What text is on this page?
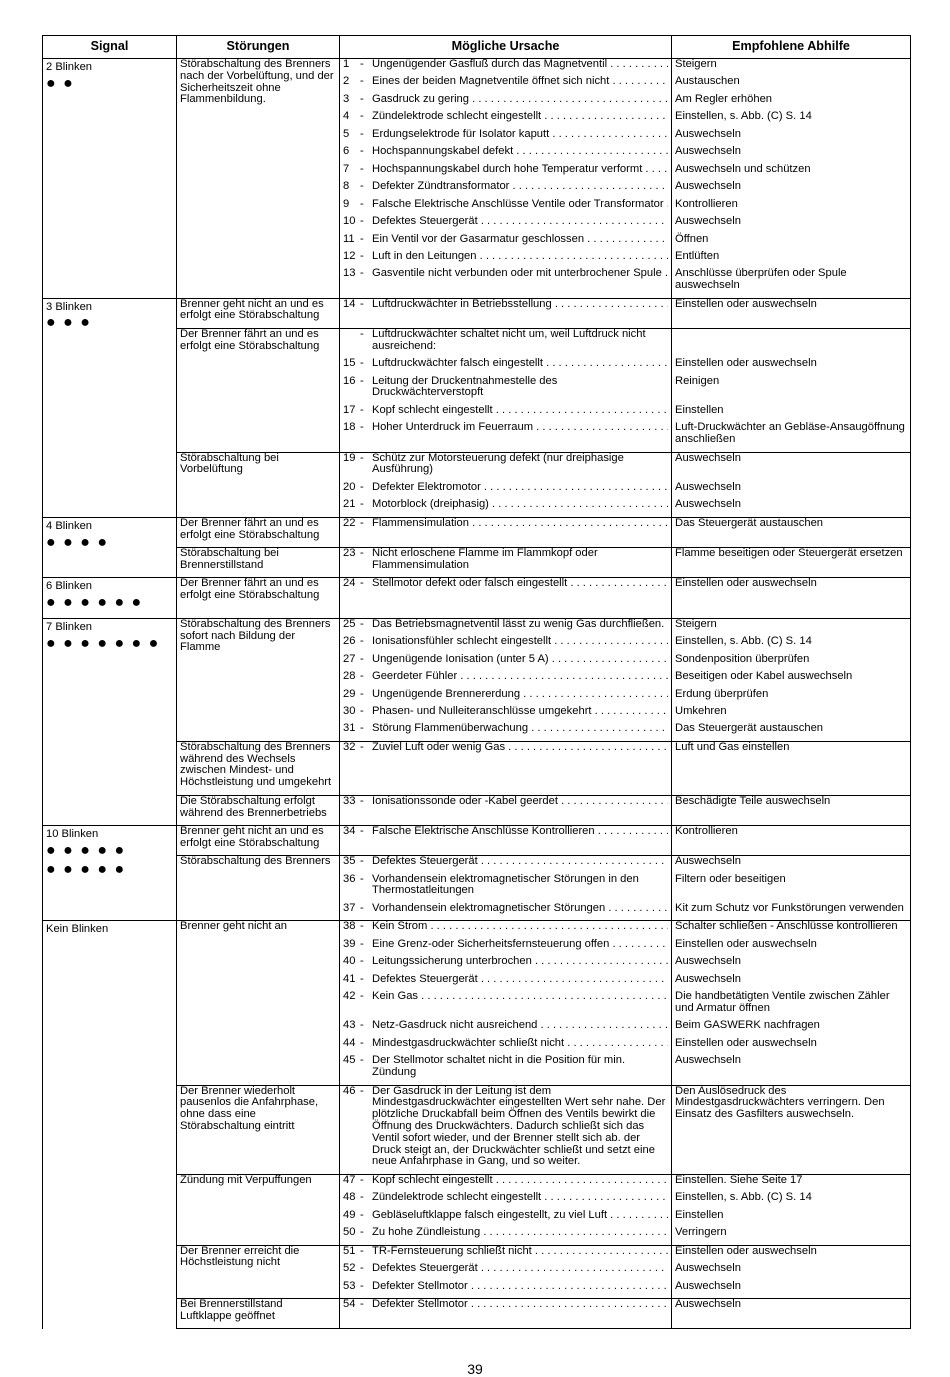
Signal	Störungen	Mögliche Ursache	Empfohlene Abhilfe

2 Blinken
● ●	Störabschaltung des Brenners nach der Vorbelüftung, und der Sicherheitszeit ohne Flammenbildung.	1 - Ungenügender Gasfluß durch das Magnetventil . . .	Steigern

		2 - Eines der beiden Magnetventile öffnet sich nicht . . .	Austauschen

		3 - Gasdruck zu gering . . .	Am Regler erhöhen

		4 - Zündelektrode schlecht eingestellt . . .	Einstellen, s. Abb. (C) S. 14

		5 - Erdungselektrode für Isolator kaputt . . .	Auswechseln

		6 - Hochspannungskabel defekt . . .	Auswechseln

		7 - Hochspannungskabel durch hohe Temperatur verformt . . .	Auswechseln und schützen

		8 - Defekter Zündtransformator . . .	Auswechseln

		9 - Falsche Elektrische Anschlüsse Ventile oder Transformator . . .	Kontrollieren

		10 - Defektes Steuergerät . . .	Auswechseln

		11 - Ein Ventil vor der Gasarmatur geschlossen . . .	Öffnen

		12 - Luft in den Leitungen . . .	Entlüften

		13 - Gasventile nicht verbunden oder mit unterbrochener Spule . . .	Anschlüsse überprüfen oder Spule auswechseln

3 Blinken
● ● ●	Brenner geht nicht an und es erfolgt eine Störabschaltung	14 - Luftdruckwächter in Betriebsstellung . . .	Einstellen oder auswechseln
	Der Brenner fährt an und es erfolgt eine Störabschaltung	- Luftdruckwächter schaltet nicht um, weil Luftdruck nicht ausreichend:	

		15 - Luftdruckwächter falsch eingestellt . . .	Einstellen oder auswechseln

		16 - Leitung der Druckentnahmestelle des Druckwächterverstopft	Reinigen

		17 - Kopf schlecht eingestellt . . .	Einstellen

		18 - Hoher Unterdruck im Feuerraum . . .	Luft-Druckwächter an Gebläse-Ansaugöffnung anschließen
	Störabschaltung bei Vorbelüftung	19 - Schütz zur Motorsteuerung defekt (nur dreiphasige Ausführung)	Auswechseln

		20 - Defekter Elektromotor . . .	Auswechseln

		21 - Motorblock (dreiphasig) . . .	Auswechseln

4 Blinken
● ● ● ●	Der Brenner fährt an und es erfolgt eine Störabschaltung	22 - Flammensimulation . . .	Das Steuergerät austauschen
	Störabschaltung bei Brennerstillstand	23 - Nicht erloschene Flamme im Flammkopf oder Flammensimulation	Flamme beseitigen oder Steuergerät ersetzen

6 Blinken
● ● ● ● ● ●	Der Brenner fährt an und es erfolgt eine Störabschaltung	24 - Stellmotor defekt oder falsch eingestellt . . .	Einstellen oder auswechseln

7 Blinken
● ● ● ● ● ● ●	Störabschaltung des Brenners sofort nach Bildung der Flamme	25 - Das Betriebsmagnetventil lässt zu wenig Gas durchfließen. . . .	Steigern

		26 - Ionisationsfühler schlecht eingestellt . . .	Einstellen, s. Abb. (C) S. 14

		27 - Ungenügende Ionisation (unter 5 A) . . .	Sondenposition überprüfen

		28 - Geerdeter Fühler . . .	Beseitigen oder Kabel auswechseln

		29 - Ungenügende Brennererdung . . .	Erdung überprüfen

		30 - Phasen- und Nulleiteranschlüsse umgekehrt . . .	Umkehren

		31 - Störung Flammenüberwachung . . .	Das Steuergerät austauschen
	Störabschaltung des Brenners während des Wechsels zwischen Mindest- und Höchstleistung und umgekehrt	32 - Zuviel Luft oder wenig Gas . . .	Luft und Gas einstellen
	Die Störabschaltung erfolgt während des Brennerbetriebs	33 - Ionisationssonde oder -Kabel geerdet . . .	Beschädigte Teile auswechseln

10 Blinken
● ● ● ● ●
● ● ● ● ●	Brenner geht nicht an und es erfolgt eine Störabschaltung	34 - Falsche Elektrische Anschlüsse Kontrollieren . . .	Kontrollieren
	Störabschaltung des Brenners	35 - Defektes Steuergerät . . .	Auswechseln

		36 - Vorhandensein elektromagnetischer Störungen in den Thermostatleitungen	Filtern oder beseitigen

		37 - Vorhandensein elektromagnetischer Störungen . . .	Kit zum Schutz vor Funkstörungen verwenden

Kein Blinken	Brenner geht nicht an	38 - Kein Strom . . .	Schalter schließen - Anschlüsse kontrollieren

		39 - Eine Grenz-oder Sicherheitsfernsteuerung offen . . .	Einstellen oder auswechseln

		40 - Leitungssicherung unterbrochen . . .	Auswechseln

		41 - Defektes Steuergerät . . .	Auswechseln

		42 - Kein Gas . . .	Die handbetätigten Ventile zwischen Zähler und Armatur öffnen

		43 - Netz-Gasdruck nicht ausreichend . . .	Beim GASWERK nachfragen

		44 - Mindestgasdruckwächter schließt nicht . . .	Einstellen oder auswechseln

		45 - Der Stellmotor schaltet nicht in die Position für min. Zündung	Auswechseln
	Der Brenner wiederholt pausenlos die Anfahrphase, ohne dass eine Störabschaltung eintritt	46 - Der Gasdruck in der Leitung ist dem Mindestgasdruckwächter eingestellten Wert sehr nahe. Der plötzliche Druckabfall beim Öffnen des Ventils bewirkt die Öffnung des Druckwächters. Dadurch schließt sich das Ventil sofort wieder, und der Brenner stellt sich ab. der Druck steigt an, der Druckwächter schließt und setzt eine neue Anfahrphase in Gang, und so weiter.	Den Auslösedruck des Mindestgasdruckwächters verringern. Den Einsatz des Gasfilters auswechseln.
	Zündung mit Verpuffungen	47 - Kopf schlecht eingestellt . . .	Einstellen. Siehe Seite 17

		48 - Zündelektrode schlecht eingestellt . . .	Einstellen, s. Abb. (C) S. 14

		49 - Gebläseluftklappe falsch eingestellt, zu viel Luft . . .	Einstellen

		50 - Zu hohe Zündleistung . . .	Verringern
	Der Brenner erreicht die Höchstleistung nicht	51 - TR-Fernsteuerung schließt nicht . . .	Einstellen oder auswechseln

		52 - Defektes Steuergerät . . .	Auswechseln

		53 - Defekter Stellmotor . . .	Auswechseln
	Bei Brennerstillstand Luftklappe geöffnet	54 - Defekter Stellmotor . . .	Auswechseln
39
